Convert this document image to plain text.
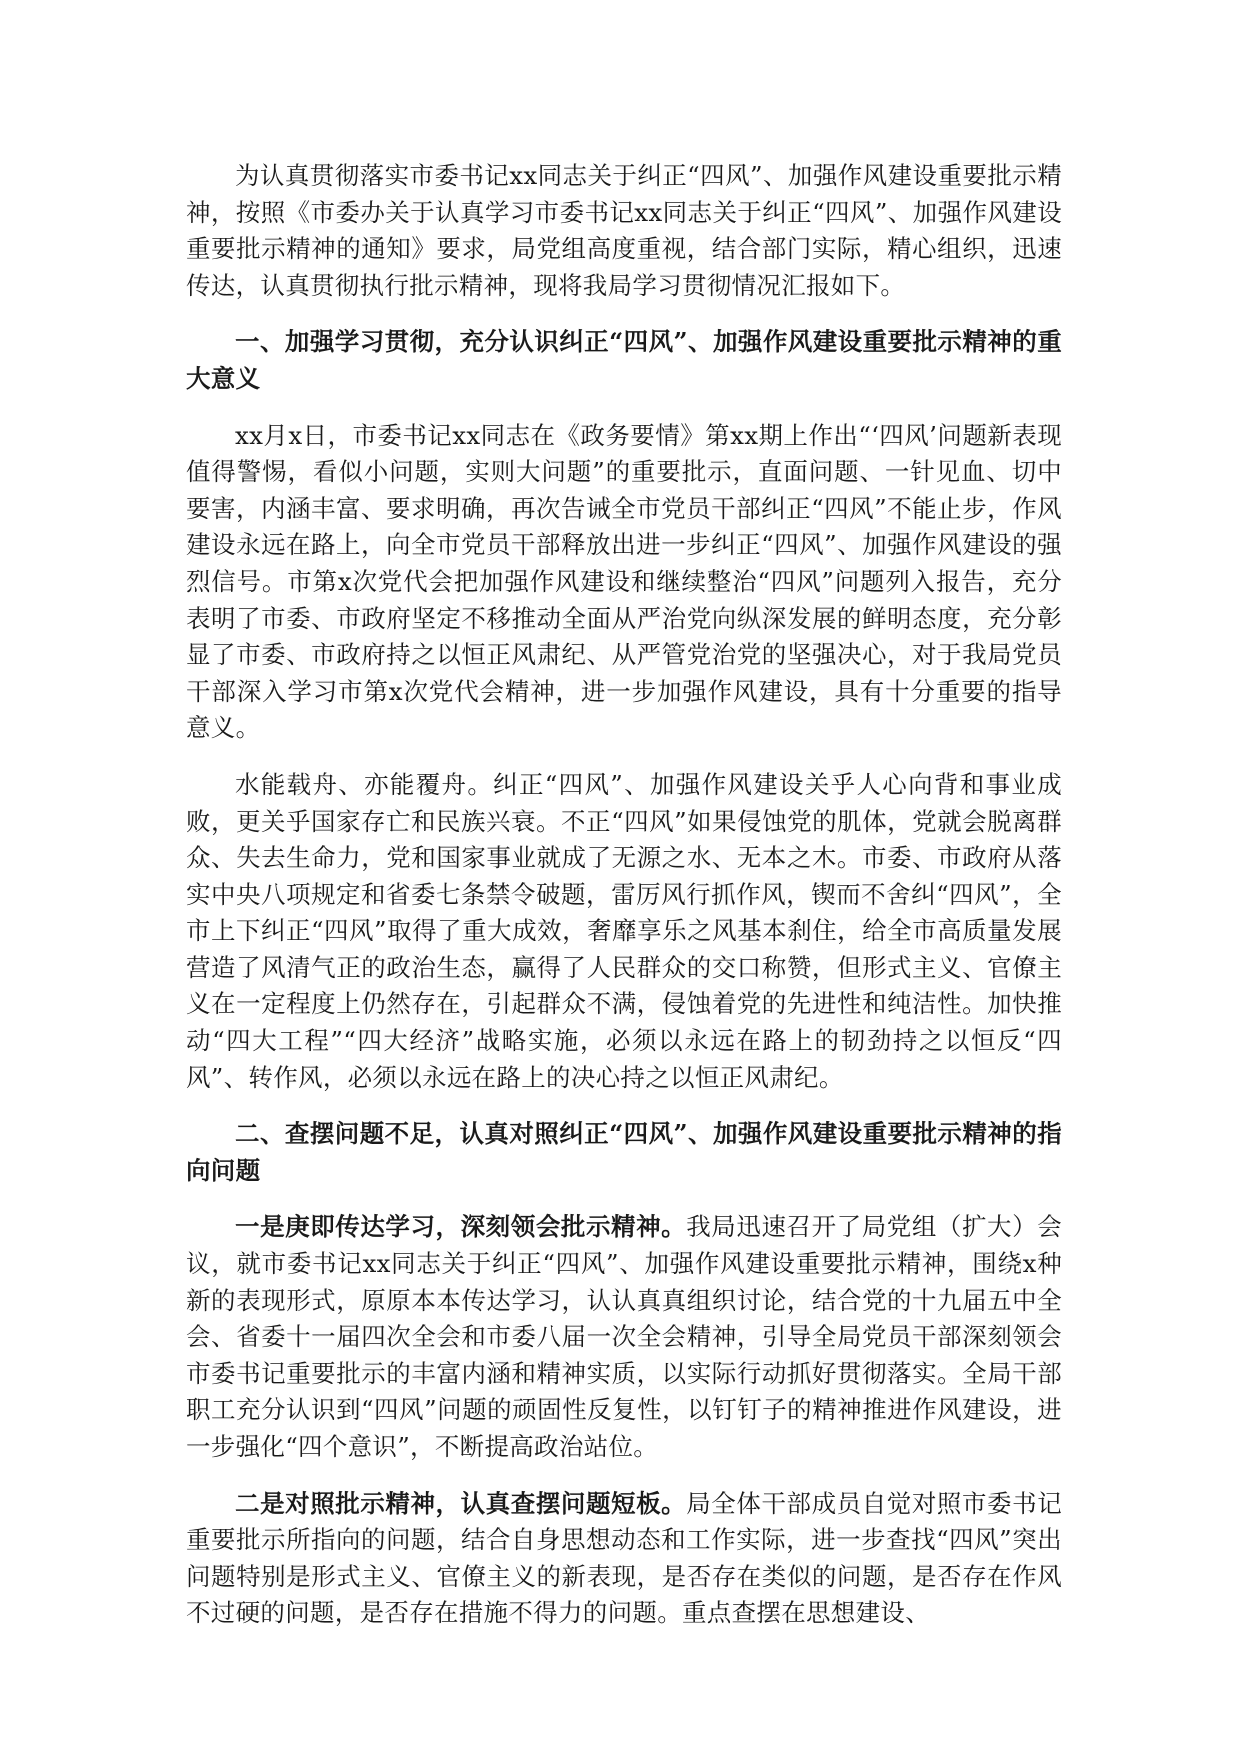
为认真贯彻落实市委书记xx同志关于纠正“四风”、加强作风建设重要批示精神，按照《市委办关于认真学习市委书记xx同志关于纠正“四风”、加强作风建设重要批示精神的通知》要求，局党组高度重视，结合部门实际，精心组织，迅速传达，认真贯彻执行批示精神，现将我局学习贯彻情况汇报如下。

一、加强学习贯彻，充分认识纠正“四风”、加强作风建设重要批示精神的重大意义

xx月x日，市委书记xx同志在《政务要情》第xx期上作出“‘四风’问题新表现值得警惕，看似小问题，实则大问题”的重要批示，直面问题、一针见血、切中要害，内涵丰富、要求明确，再次告诫全市党员干部纠正“四风”不能止步，作风建设永远在路上，向全市党员干部释放出进一步纠正“四风”、加强作风建设的强烈信号。市第x次党代会把加强作风建设和继续整治“四风”问题列入报告，充分表明了市委、市政府坚定不移推动全面从严治党向纵深发展的鲜明态度，充分彰显了市委、市政府持之以恒正风肃纪、从严管党治党的坚强决心，对于我局党员干部深入学习市第x次党代会精神，进一步加强作风建设，具有十分重要的指导意义。

水能载舟、亦能覆舟。纠正“四风”、加强作风建设关乎人心向背和事业成败，更关乎国家存亡和民族兴衰。不正“四风”如果侵蚀党的肌体，党就会脱离群众、失去生命力，党和国家事业就成了无源之水、无本之木。市委、市政府从落实中央八项规定和省委七条禁令破题，雷厉风行抓作风，锲而不舍纠“四风”，全市上下纠正“四风”取得了重大成效，奢靡享乐之风基本刹住，给全市高质量发展营造了风清气正的政治生态，赢得了人民群众的交口称赞，但形式主义、官僚主义在一定程度上仍然存在，引起群众不满，侵蚀着党的先进性和纯洁性。加快推动“四大工程”“四大经济”战略实施，必须以永远在路上的韧劲持之以恒反“四风”、转作风，必须以永远在路上的决心持之以恒正风肃纪。

二、查摆问题不足，认真对照纠正“四风”、加强作风建设重要批示精神的指向问题

一是庚即传达学习，深刻领会批示精神。我局迅速召开了局党组（扩大）会议，就市委书记xx同志关于纠正“四风”、加强作风建设重要批示精神，围绕x种新的表现形式，原原本本传达学习，认认真真组织讨论，结合党的十九届五中全会、省委十一届四次全会和市委八届一次全会精神，引导全局党员干部深刻领会市委书记重要批示的丰富内涵和精神实质，以实际行动抓好贯彻落实。全局干部职工充分认识到“四风”问题的顽固性反复性，以钉钉子的精神推进作风建设，进一步强化“四个意识”，不断提高政治站位。

二是对照批示精神，认真查摆问题短板。局全体干部成员自觉对照市委书记重要批示所指向的问题，结合自身思想动态和工作实际，进一步查找“四风”突出问题特别是形式主义、官僚主义的新表现，是否存在类似的问题，是否存在作风不过硬的问题，是否存在措施不得力的问题。重点查摆在思想建设、
